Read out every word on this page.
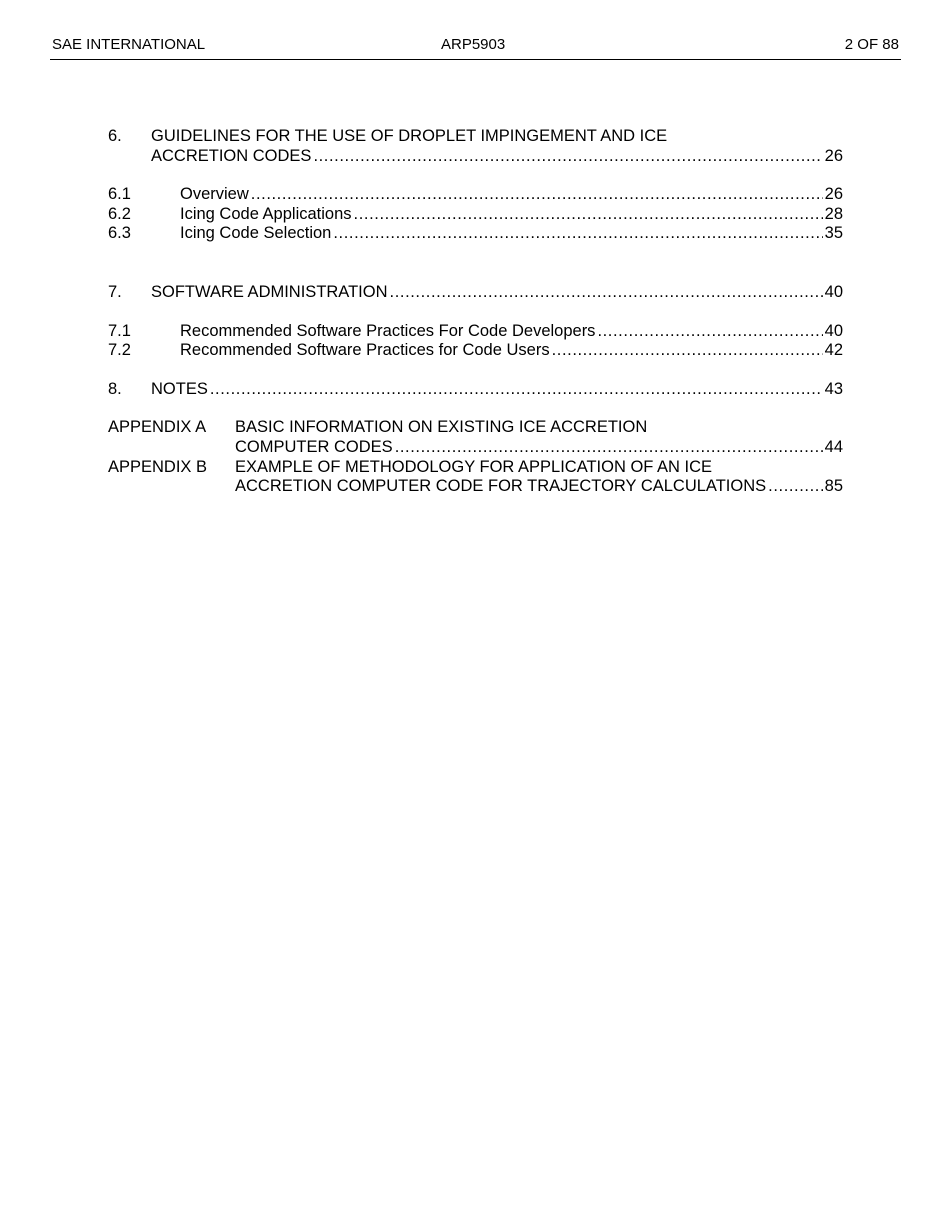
SAE INTERNATIONAL	ARP5903	2 OF 88
6.	GUIDELINES FOR THE USE OF DROPLET IMPINGEMENT AND ICE
ACCRETION CODES .....	26
6.1	Overview .....	26
6.2	Icing Code Applications .....	28
6.3	Icing Code Selection .....	35
7.	SOFTWARE ADMINISTRATION .....	40
7.1	Recommended Software Practices For Code Developers .....	40
7.2	Recommended Software Practices for Code Users .....	42
8.	NOTES .....	43
APPENDIX A	BASIC INFORMATION ON EXISTING ICE ACCRETION
COMPUTER CODES .....	44
APPENDIX B	EXAMPLE OF METHODOLOGY FOR APPLICATION OF AN ICE
ACCRETION COMPUTER CODE FOR TRAJECTORY CALCULATIONS .....	85
